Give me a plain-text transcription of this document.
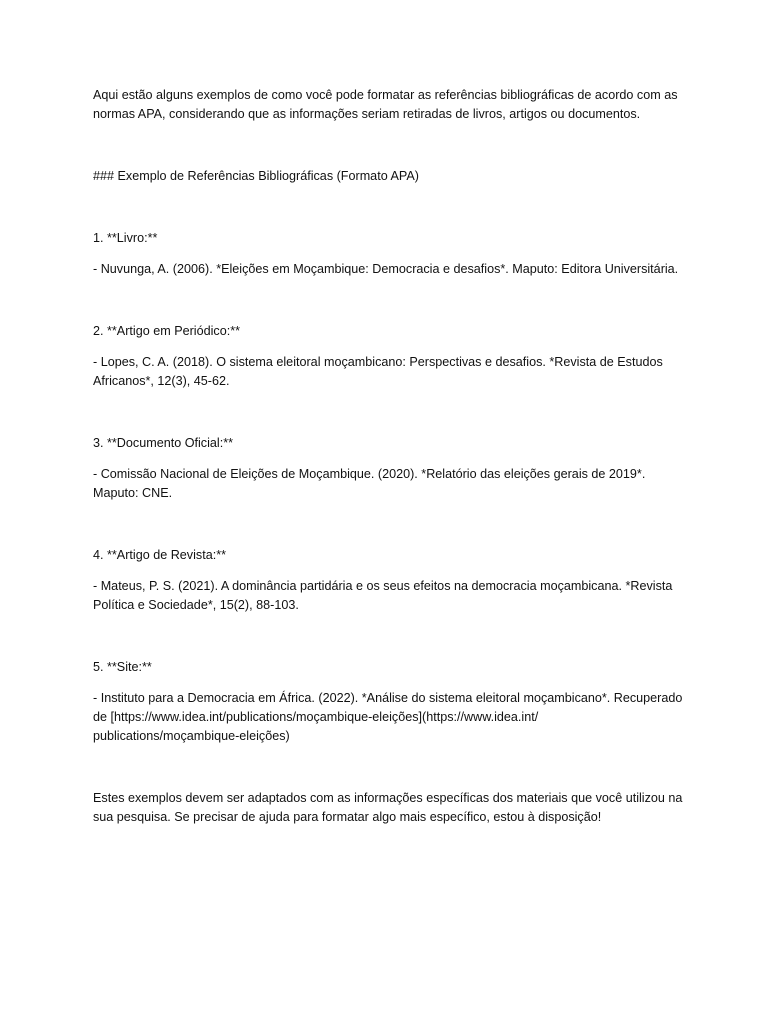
Aqui estão alguns exemplos de como você pode formatar as referências bibliográficas de acordo com as normas APA, considerando que as informações seriam retiradas de livros, artigos ou documentos.

### Exemplo de Referências Bibliográficas (Formato APA)

1. **Livro:**

- Nuvunga, A. (2006). *Eleições em Moçambique: Democracia e desafios*. Maputo: Editora Universitária.

2. **Artigo em Periódico:**

- Lopes, C. A. (2018). O sistema eleitoral moçambicano: Perspectivas e desafios. *Revista de Estudos Africanos*, 12(3), 45-62.

3. **Documento Oficial:**

- Comissão Nacional de Eleições de Moçambique. (2020). *Relatório das eleições gerais de 2019*. Maputo: CNE.

4. **Artigo de Revista:**

- Mateus, P. S. (2021). A dominância partidária e os seus efeitos na democracia moçambicana. *Revista Política e Sociedade*, 15(2), 88-103.

5. **Site:**

- Instituto para a Democracia em África. (2022). *Análise do sistema eleitoral moçambicano*. Recuperado de [https://www.idea.int/publications/moçambique-eleições](https://www.idea.int/ publications/moçambique-eleições)

Estes exemplos devem ser adaptados com as informações específicas dos materiais que você utilizou na sua pesquisa. Se precisar de ajuda para formatar algo mais específico, estou à disposição!
